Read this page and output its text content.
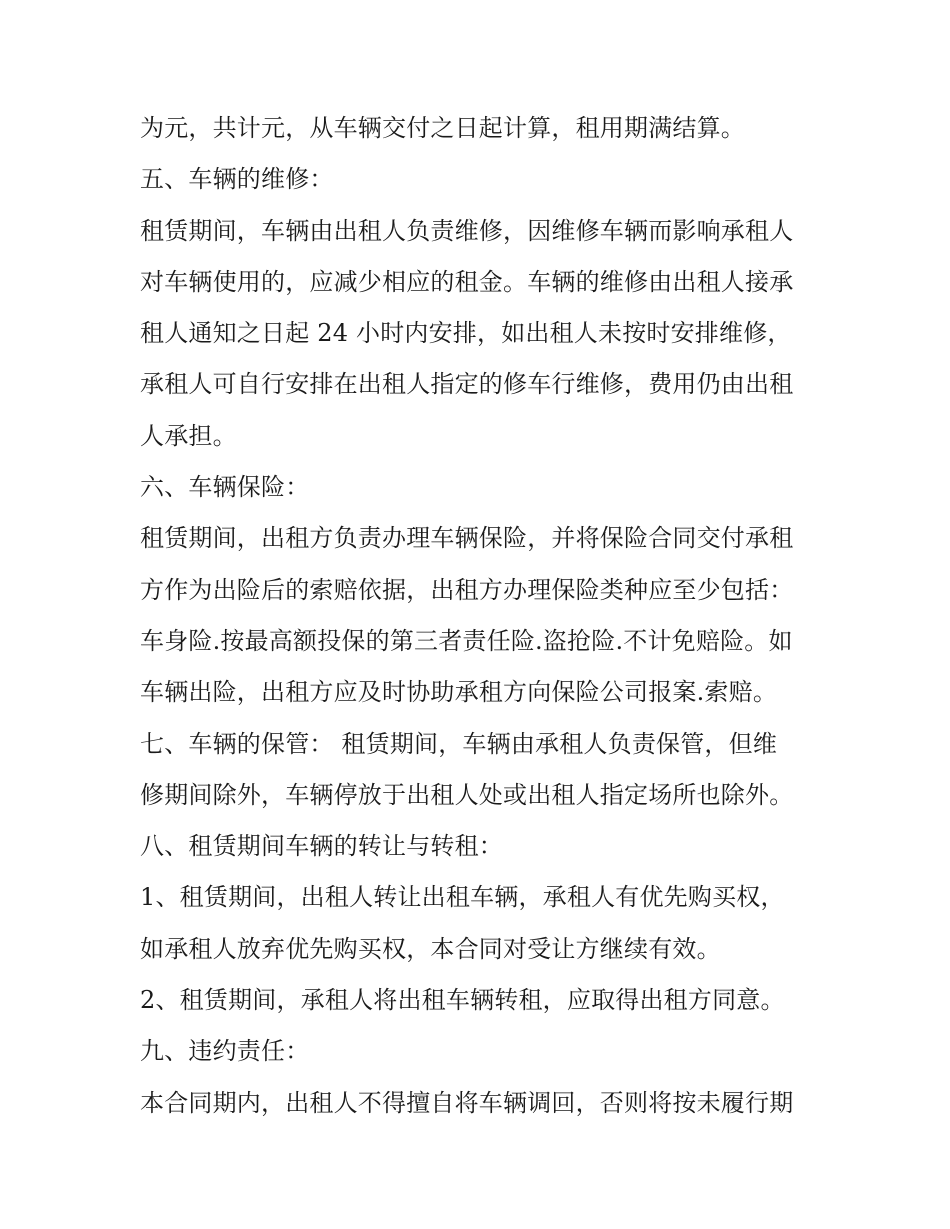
为元，共计元，从车辆交付之日起计算，租用期满结算。
五、车辆的维修：
租赁期间，车辆由出租人负责维修，因维修车辆而影响承租人
对车辆使用的，应减少相应的租金。车辆的维修由出租人接承
租人通知之日起 24 小时内安排，如出租人未按时安排维修，
承租人可自行安排在出租人指定的修车行维修，费用仍由出租
人承担。
六、车辆保险：
租赁期间，出租方负责办理车辆保险，并将保险合同交付承租
方作为出险后的索赔依据，出租方办理保险类种应至少包括：
车身险.按最高额投保的第三者责任险.盗抢险.不计免赔险。如
车辆出险，出租方应及时协助承租方向保险公司报案.索赔。
七、车辆的保管： 租赁期间，车辆由承租人负责保管，但维
修期间除外，车辆停放于出租人处或出租人指定场所也除外。
八、租赁期间车辆的转让与转租：
1、租赁期间，出租人转让出租车辆，承租人有优先购买权，
如承租人放弃优先购买权，本合同对受让方继续有效。
2、租赁期间，承租人将出租车辆转租，应取得出租方同意。
九、违约责任：
本合同期内，出租人不得擅自将车辆调回，否则将按未履行期
